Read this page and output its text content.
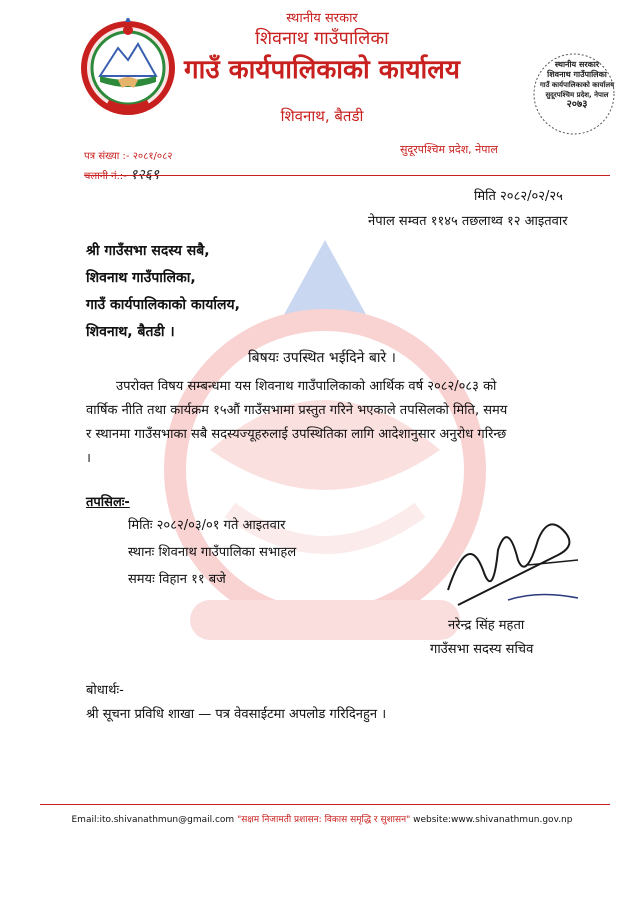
स्थानीय सरकार
शिवनाथ गाउँपालिका
गाउँ कार्यपालिकाको कार्यालय
शिवनाथ, बैतडी
स्थानीय सरकार
शिवनाथ गाउँपालिका
गाउँ कार्यपालिकाको कार्यालय
सुदूरपश्चिम प्रदेश, नेपाल
२०७३
पत्र संख्या :- २०८१/०८२
चलानी नं.:- १२६९
सुदूरपश्चिम प्रदेश, नेपाल
मिति २०८२/०२/२५
नेपाल सम्वत ११४५ तछलाथ्व १२ आइतवार
श्री गाउँसभा सदस्य सबै,
शिवनाथ गाउँपालिका,
गाउँ कार्यपालिकाको कार्यालय,
शिवनाथ, बैतडी ।
बिषयः उपस्थित भईदिने बारे ।
उपरोक्त विषय सम्बन्धमा यस शिवनाथ गाउँपालिकाको आर्थिक वर्ष २०८२/०८३ को
वार्षिक नीति तथा कार्यक्रम १५औं गाउँसभामा प्रस्तुत गरिने भएकाले तपसिलको मिति, समय
र स्थानमा गाउँसभाका सबै सदस्यज्यूहरुलाई उपस्थितिका लागि आदेशानुसार अनुरोध गरिन्छ
।
तपसिलः-
मितिः २०८२/०३/०१ गते आइतवार
स्थानः शिवनाथ गाउँपालिका सभाहल
समयः विहान ११ बजे
नरेन्द्र सिंह महता
गाउँसभा सदस्य सचिव
बोधार्थः-
श्री सूचना प्रविधि शाखा — पत्र वेवसाईटमा अपलोड गरिदिनहुन ।
Email:ito.shivanathmun@gmail.com "सक्षम निजामती प्रशासन: विकास समृद्धि र सुशासन" website:www.shivanathmun.gov.np
